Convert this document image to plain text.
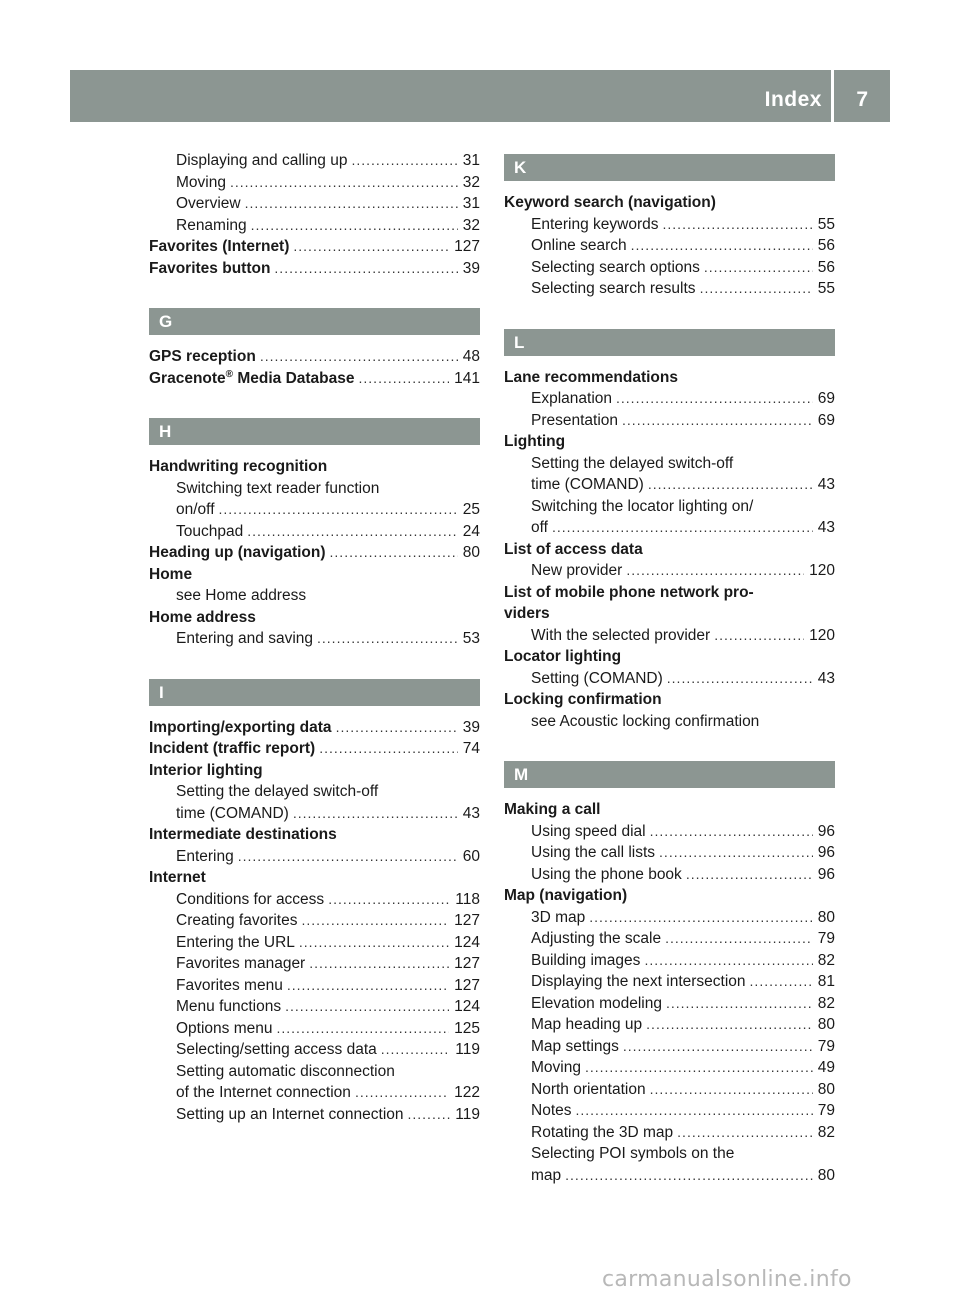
Index 7
Displaying and calling up .....	31
Moving .....	32
Overview .....	31
Renaming .....	32
Favorites (Internet) .....	127
Favorites button .....	39
G
GPS reception .....	48
Gracenote® Media Database .....	141
H
Handwriting recognition
Switching text reader function
on/off .....	25
Touchpad .....	24
Heading up (navigation) .....	80
Home
see Home address
Home address
Entering and saving .....	53
I
Importing/exporting data .....	39
Incident (traffic report) .....	74
Interior lighting
Setting the delayed switch-off
time (COMAND) .....	43
Intermediate destinations
Entering .....	60
Internet
Conditions for access .....	118
Creating favorites .....	127
Entering the URL .....	124
Favorites manager .....	127
Favorites menu .....	127
Menu functions .....	124
Options menu .....	125
Selecting/setting access data .....	119
Setting automatic disconnection
of the Internet connection .....	122
Setting up an Internet connection .....	119
K
Keyword search (navigation)
Entering keywords .....	55
Online search .....	56
Selecting search options .....	56
Selecting search results .....	55
L
Lane recommendations
Explanation .....	69
Presentation .....	69
Lighting
Setting the delayed switch-off
time (COMAND) .....	43
Switching the locator lighting on/
off .....	43
List of access data
New provider .....	120
List of mobile phone network pro-
viders
With the selected provider .....	120
Locator lighting
Setting (COMAND) .....	43
Locking confirmation
see Acoustic locking confirmation
M
Making a call
Using speed dial .....	96
Using the call lists .....	96
Using the phone book .....	96
Map (navigation)
3D map .....	80
Adjusting the scale .....	79
Building images .....	82
Displaying the next intersection .....	81
Elevation modeling .....	82
Map heading up .....	80
Map settings .....	79
Moving .....	49
North orientation .....	80
Notes .....	79
Rotating the 3D map .....	82
Selecting POI symbols on the
map .....	80
carmanualsonline.info
